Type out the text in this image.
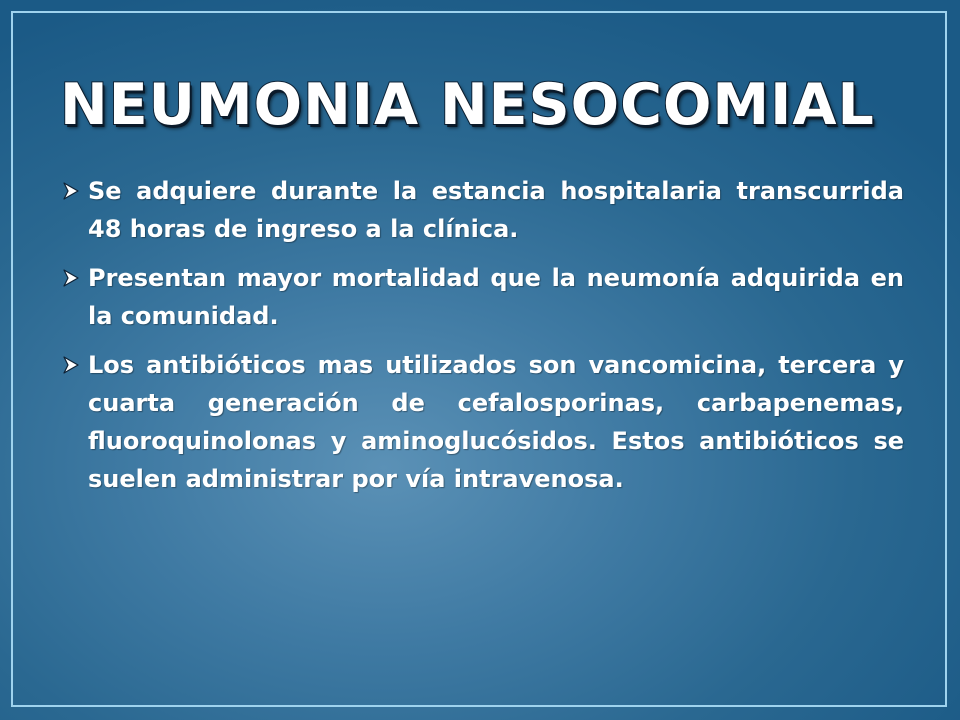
NEUMONIA NESOCOMIAL

Se adquiere durante la estancia hospitalaria transcurrida 48 horas de ingreso a la clínica.

Presentan mayor mortalidad que la neumonía adquirida en la comunidad.

Los antibióticos mas utilizados son vancomicina, tercera y cuarta generación de cefalosporinas, carbapenemas, fluoroquinolonas y aminoglucósidos. Estos antibióticos se suelen administrar por vía intravenosa.
